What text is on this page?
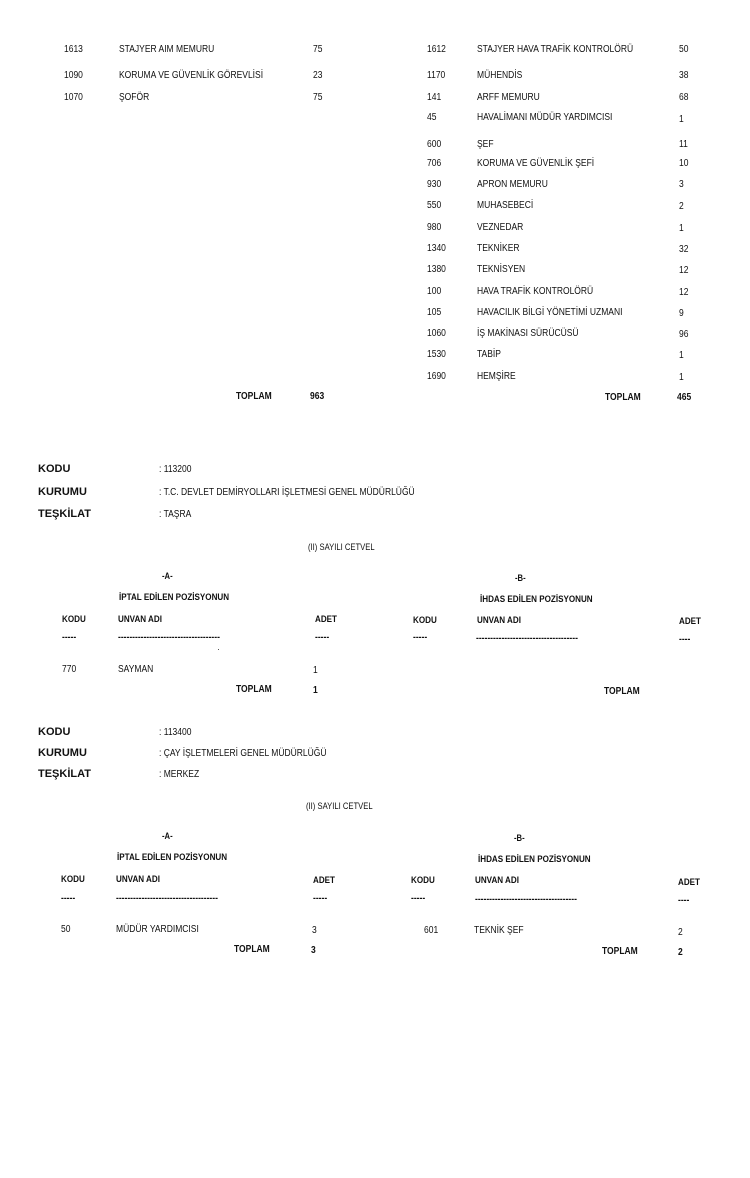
1613	STAJYER AIM MEMURU	75
1090	KORUMA VE GÜVENLİK GÖREVLİSİ	23
1070	ŞOFÖR	75
1612	STAJYER HAVA TRAFİK KONTROLÖRÜ	50
1170	MÜHENDİS	38
141	ARFF MEMURU	68
45	HAVALİMANI MÜDÜR YARDIMCISI	1
600	ŞEF	11
706	KORUMA VE GÜVENLİK ŞEFİ	10
930	APRON MEMURU	3
550	MUHASEBECİ	2
980	VEZNEDAR	1
1340	TEKNİKER	32
1380	TEKNİSYEN	12
100	HAVA TRAFİK KONTROLÖRÜ	12
105	HAVACILIK BİLGİ YÖNETİMİ UZMANI	9
1060	İŞ MAKİNASI SÜRÜCÜSÜ	96
1530	TABİP	1
1690	HEMŞİRE	1
TOPLAM	963	TOPLAM	465
KODU	: 113200
KURUMU	: T.C. DEVLET DEMİRYOLLARI İŞLETMESİ GENEL MÜDÜRLÜĞÜ
TEŞKİLAT	: TAŞRA
(II) SAYILI CETVEL
-A-	-B-
İPTAL EDİLEN POZİSYONUN	İHDAS EDİLEN POZİSYONUN
KODU	UNVAN ADI	ADET	KODU	UNVAN ADI	ADET
-----	------------------------------------	-----	-----	------------------------------------	----
770	SAYMAN	1
TOPLAM	1	TOPLAM
KODU	: 113400
KURUMU	: ÇAY İŞLETMELERİ GENEL MÜDÜRLÜĞÜ
TEŞKİLAT	: MERKEZ
(II) SAYILI CETVEL
-A-	-B-
İPTAL EDİLEN POZİSYONUN	İHDAS EDİLEN POZİSYONUN
KODU	UNVAN ADI	ADET	KODU	UNVAN ADI	ADET
-----	------------------------------------	-----	-----	------------------------------------	----
50	MÜDÜR YARDIMCISI	3	601	TEKNİK ŞEF	2
TOPLAM	3	TOPLAM	2
